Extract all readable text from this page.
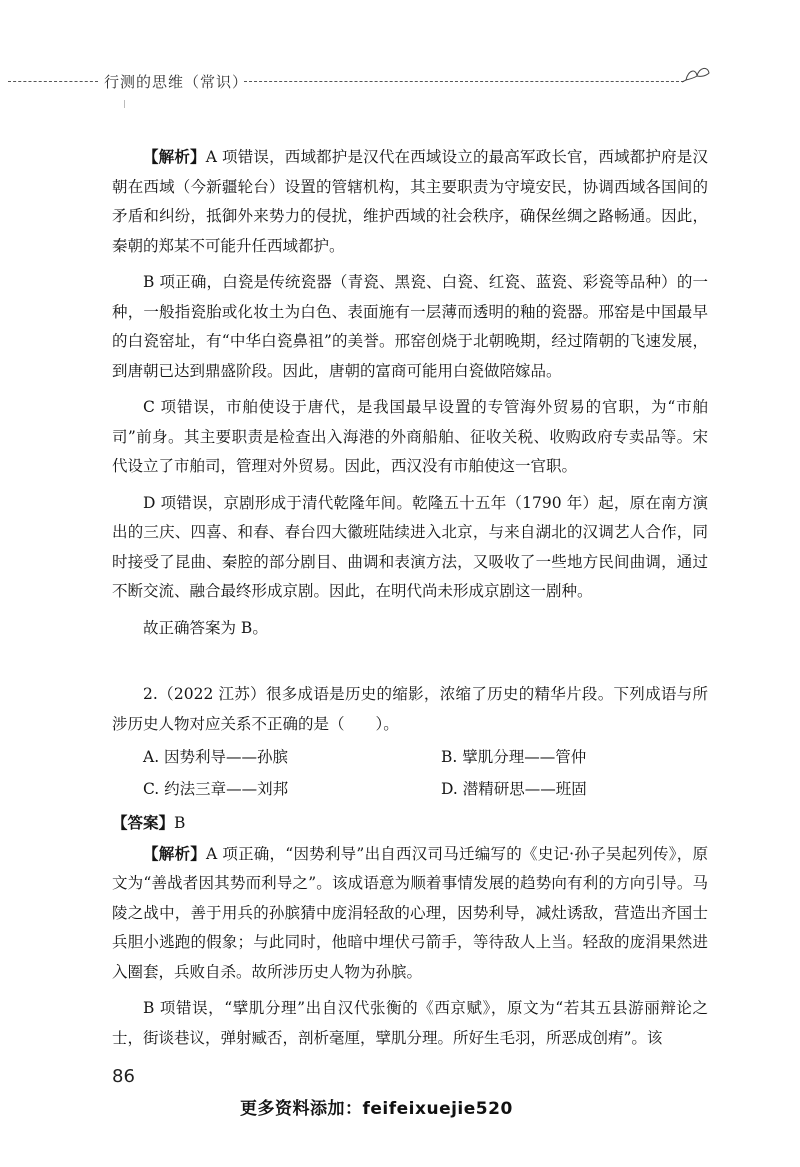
行测的思维（常识）

【解析】A 项错误，西域都护是汉代在西域设立的最高军政长官，西域都护府是汉朝在西域（今新疆轮台）设置的管辖机构，其主要职责为守境安民，协调西域各国间的矛盾和纠纷，抵御外来势力的侵扰，维护西域的社会秩序，确保丝绸之路畅通。因此，秦朝的郑某不可能升任西域都护。

B 项正确，白瓷是传统瓷器（青瓷、黑瓷、白瓷、红瓷、蓝瓷、彩瓷等品种）的一种，一般指瓷胎或化妆土为白色、表面施有一层薄而透明的釉的瓷器。邢窑是中国最早的白瓷窑址，有“中华白瓷鼻祖”的美誉。邢窑创烧于北朝晚期，经过隋朝的飞速发展，到唐朝已达到鼎盛阶段。因此，唐朝的富商可能用白瓷做陪嫁品。

C 项错误，市舶使设于唐代，是我国最早设置的专管海外贸易的官职，为“市舶司”前身。其主要职责是检查出入海港的外商船舶、征收关税、收购政府专卖品等。宋代设立了市舶司，管理对外贸易。因此，西汉没有市舶使这一官职。

D 项错误，京剧形成于清代乾隆年间。乾隆五十五年（1790 年）起，原在南方演出的三庆、四喜、和春、春台四大徽班陆续进入北京，与来自湖北的汉调艺人合作，同时接受了昆曲、秦腔的部分剧目、曲调和表演方法，又吸收了一些地方民间曲调，通过不断交流、融合最终形成京剧。因此，在明代尚未形成京剧这一剧种。

故正确答案为 B。

2.（2022 江苏）很多成语是历史的缩影，浓缩了历史的精华片段。下列成语与所涉历史人物对应关系不正确的是（　　）。

A. 因势利导——孙膑	B. 擘肌分理——管仲
C. 约法三章——刘邦	D. 潜精研思——班固

【答案】B

【解析】A 项正确，“因势利导”出自西汉司马迁编写的《史记·孙子吴起列传》，原文为“善战者因其势而利导之”。该成语意为顺着事情发展的趋势向有利的方向引导。马陵之战中，善于用兵的孙膑猜中庞涓轻敌的心理，因势利导，减灶诱敌，营造出齐国士兵胆小逃跑的假象；与此同时，他暗中埋伏弓箭手，等待敌人上当。轻敌的庞涓果然进入圈套，兵败自杀。故所涉历史人物为孙膑。

B 项错误，“擘肌分理”出自汉代张衡的《西京赋》，原文为“若其五县游丽辩论之士，街谈巷议，弹射臧否，剖析毫厘，擘肌分理。所好生毛羽，所恶成创痏”。该

86
更多资料添加：feifeixuejie520
